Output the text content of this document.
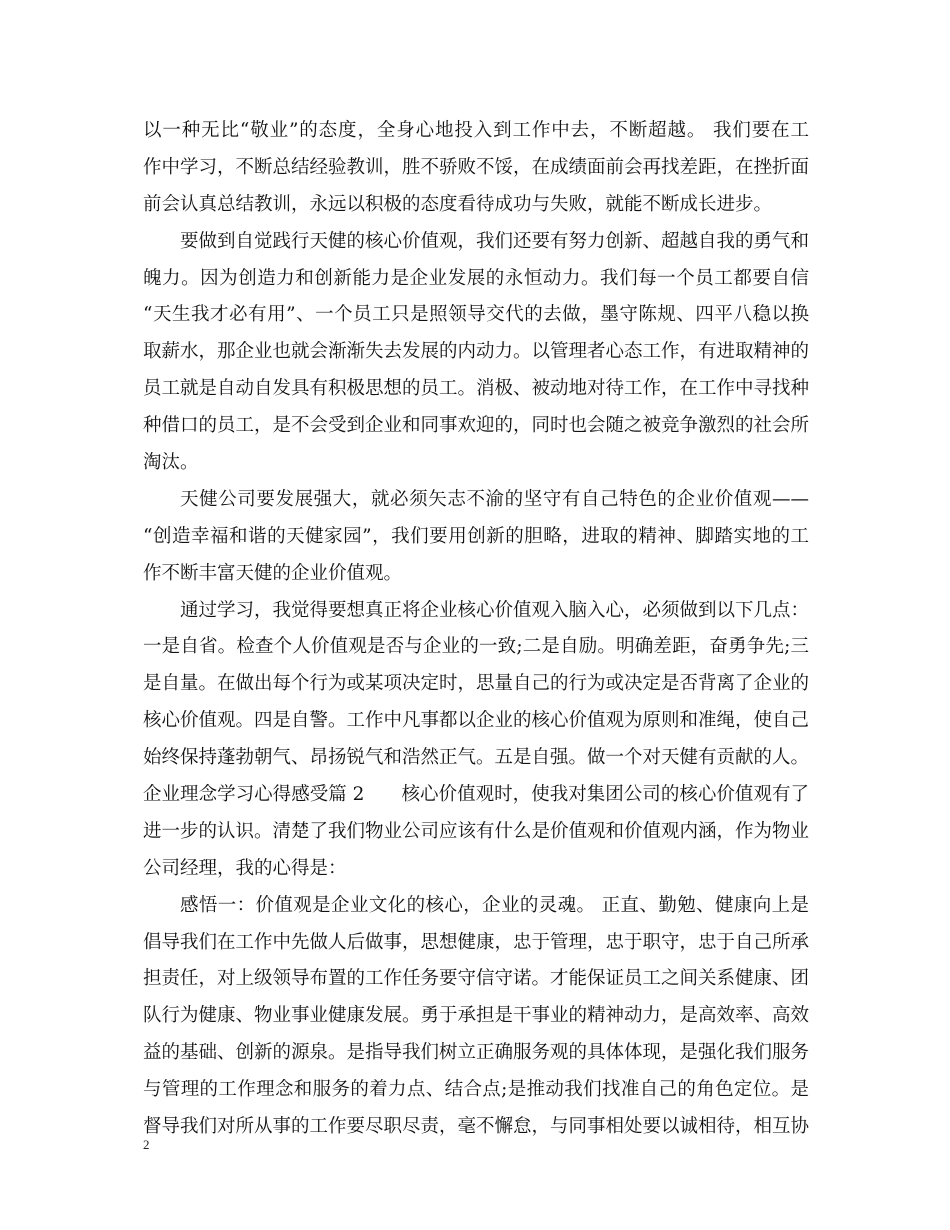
以一种无比“敬业”的态度，全身心地投入到工作中去，不断超越。 我们要在工
作中学习，不断总结经验教训，胜不骄败不馁，在成绩面前会再找差距，在挫折面
前会认真总结教训，永远以积极的态度看待成功与失败，就能不断成长进步。
要做到自觉践行天健的核心价值观，我们还要有努力创新、超越自我的勇气和
魄力。因为创造力和创新能力是企业发展的永恒动力。我们每一个员工都要自信
“天生我才必有用”、一个员工只是照领导交代的去做，墨守陈规、四平八稳以换
取薪水，那企业也就会渐渐失去发展的内动力。以管理者心态工作，有进取精神的
员工就是自动自发具有积极思想的员工。消极、被动地对待工作，在工作中寻找种
种借口的员工，是不会受到企业和同事欢迎的，同时也会随之被竞争激烈的社会所
淘汰。
天健公司要发展强大，就必须矢志不渝的坚守有自己特色的企业价值观——
“创造幸福和谐的天健家园”，我们要用创新的胆略，进取的精神、脚踏实地的工
作不断丰富天健的企业价值观。
通过学习，我觉得要想真正将企业核心价值观入脑入心，必须做到以下几点：
一是自省。检查个人价值观是否与企业的一致;二是自励。明确差距，奋勇争先;三
是自量。在做出每个行为或某项决定时，思量自己的行为或决定是否背离了企业的
核心价值观。四是自警。工作中凡事都以企业的核心价值观为原则和准绳，使自己
始终保持蓬勃朝气、昂扬锐气和浩然正气。五是自强。做一个对天健有贡献的人。
企业理念学习心得感受篇 2　　核心价值观时，使我对集团公司的核心价值观有了
进一步的认识。清楚了我们物业公司应该有什么是价值观和价值观内涵，作为物业
公司经理，我的心得是：
感悟一：价值观是企业文化的核心，企业的灵魂。 正直、勤勉、健康向上是
倡导我们在工作中先做人后做事，思想健康，忠于管理，忠于职守，忠于自己所承
担责任，对上级领导布置的工作任务要守信守诺。才能保证员工之间关系健康、团
队行为健康、物业事业健康发展。勇于承担是干事业的精神动力，是高效率、高效
益的基础、创新的源泉。是指导我们树立正确服务观的具体体现，是强化我们服务
与管理的工作理念和服务的着力点、结合点;是推动我们找准自己的角色定位。是
督导我们对所从事的工作要尽职尽责，毫不懈怠，与同事相处要以诚相待，相互协
2
